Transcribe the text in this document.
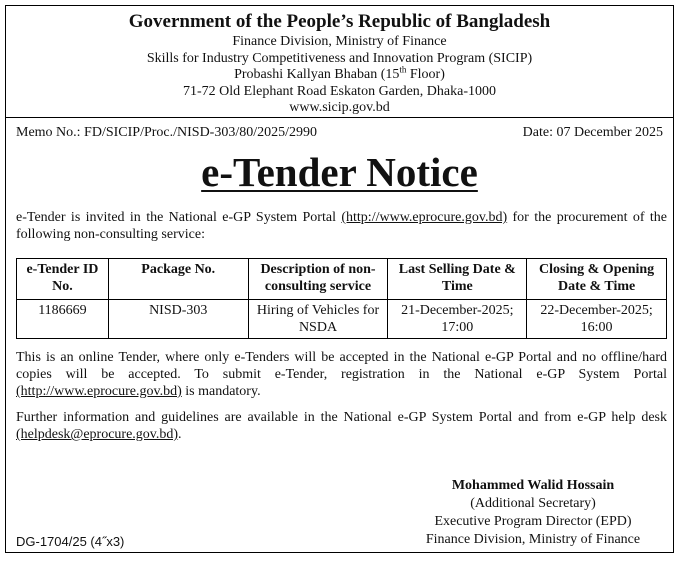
Government of the People’s Republic of Bangladesh
Finance Division, Ministry of Finance
Skills for Industry Competitiveness and Innovation Program (SICIP)
Probashi Kallyan Bhaban (15th Floor)
71-72 Old Elephant Road Eskaton Garden, Dhaka-1000
www.sicip.gov.bd
Memo No.: FD/SICIP/Proc./NISD-303/80/2025/2990	Date: 07 December 2025
e-Tender Notice
e-Tender is invited in the National e-GP System Portal (http://www.eprocure.gov.bd) for the procurement of the following non-consulting service:
e-Tender ID No.	Package No.	Description of non-consulting service	Last Selling Date & Time	Closing & Opening Date & Time
1186669	NISD-303	Hiring of Vehicles for NSDA	21-December-2025; 17:00	22-December-2025; 16:00
This is an online Tender, where only e-Tenders will be accepted in the National e-GP Portal and no offline/hard copies will be accepted. To submit e-Tender, registration in the National e-GP System Portal (http://www.eprocure.gov.bd) is mandatory.
Further information and guidelines are available in the National e-GP System Portal and from e-GP help desk (helpdesk@eprocure.gov.bd).
Mohammed Walid Hossain
(Additional Secretary)
Executive Program Director (EPD)
Finance Division, Ministry of Finance
DG-1704/25 (4˝x3)
